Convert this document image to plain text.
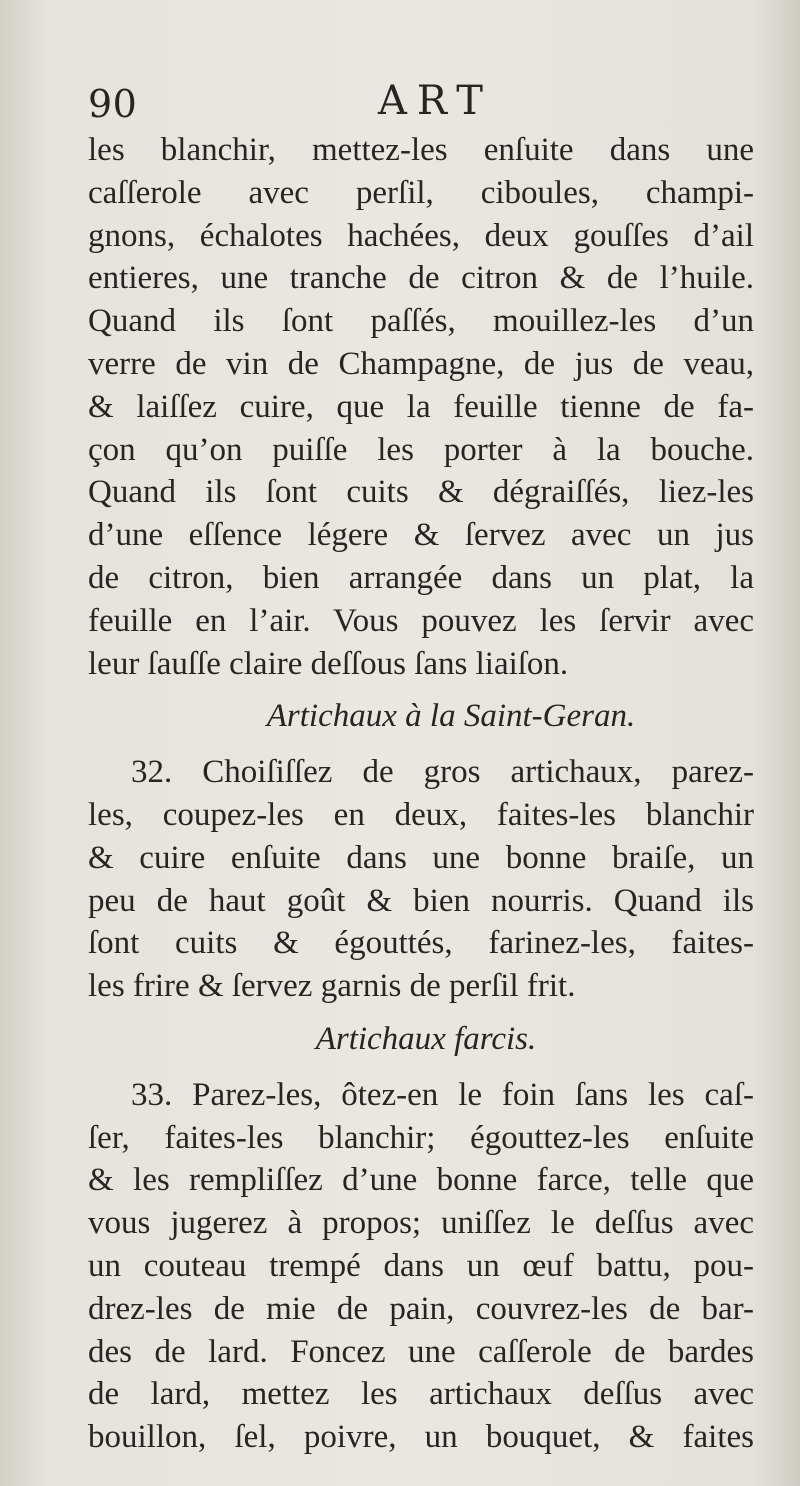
90	ART
les blanchir, mettez-les enſuite dans une
caſſerole avec perſil, ciboules, champi-
gnons, échalotes hachées, deux gouſſes d’ail
entieres, une tranche de citron & de l’huile.
Quand ils ſont paſſés, mouillez-les d’un
verre de vin de Champagne, de jus de veau,
& laiſſez cuire, que la feuille tienne de fa-
çon qu’on puiſſe les porter à la bouche.
Quand ils ſont cuits & dégraiſſés, liez-les
d’une eſſence légere & ſervez avec un jus
de citron, bien arrangée dans un plat, la
feuille en l’air. Vous pouvez les ſervir avec
leur ſauſſe claire deſſous ſans liaiſon.
Artichaux à la Saint-Geran.
32. Choiſiſſez de gros artichaux, parez-
les, coupez-les en deux, faites-les blanchir
& cuire enſuite dans une bonne braiſe, un
peu de haut goût & bien nourris. Quand ils
ſont cuits & égouttés, farinez-les, faites-
les frire & ſervez garnis de perſil frit.
Artichaux farcis.
33. Parez-les, ôtez-en le foin ſans les caſ-
ſer, faites-les blanchir; égouttez-les enſuite
& les rempliſſez d’une bonne farce, telle que
vous jugerez à propos; uniſſez le deſſus avec
un couteau trempé dans un œuf battu, pou-
drez-les de mie de pain, couvrez-les de bar-
des de lard. Foncez une caſſerole de bardes
de lard, mettez les artichaux deſſus avec
bouillon, ſel, poivre, un bouquet, & faites
